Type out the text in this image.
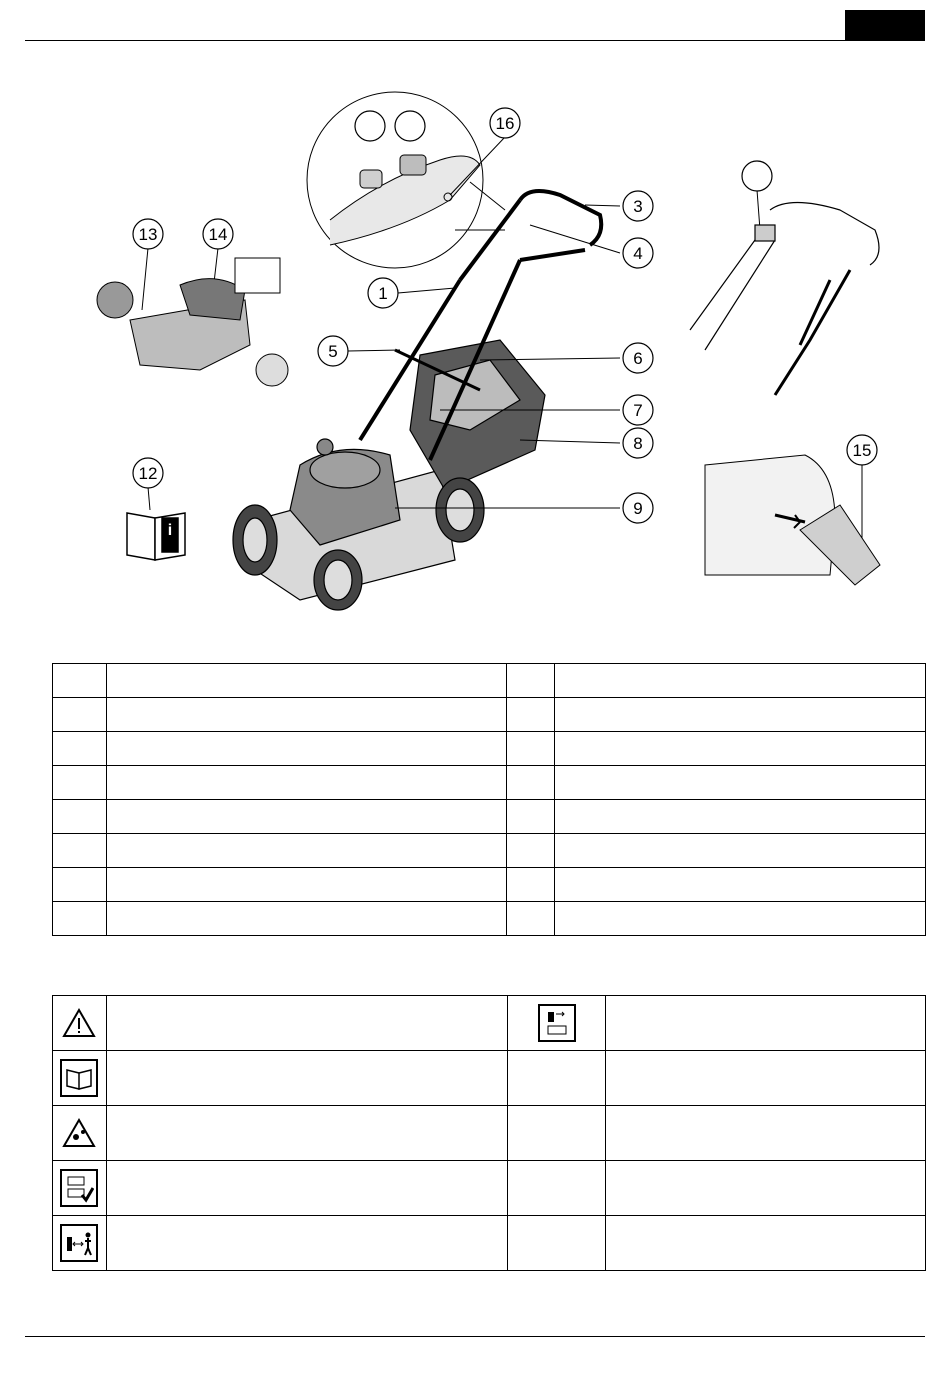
i
1
3
4
5	6
7
8
9
12
13	14
15
16
